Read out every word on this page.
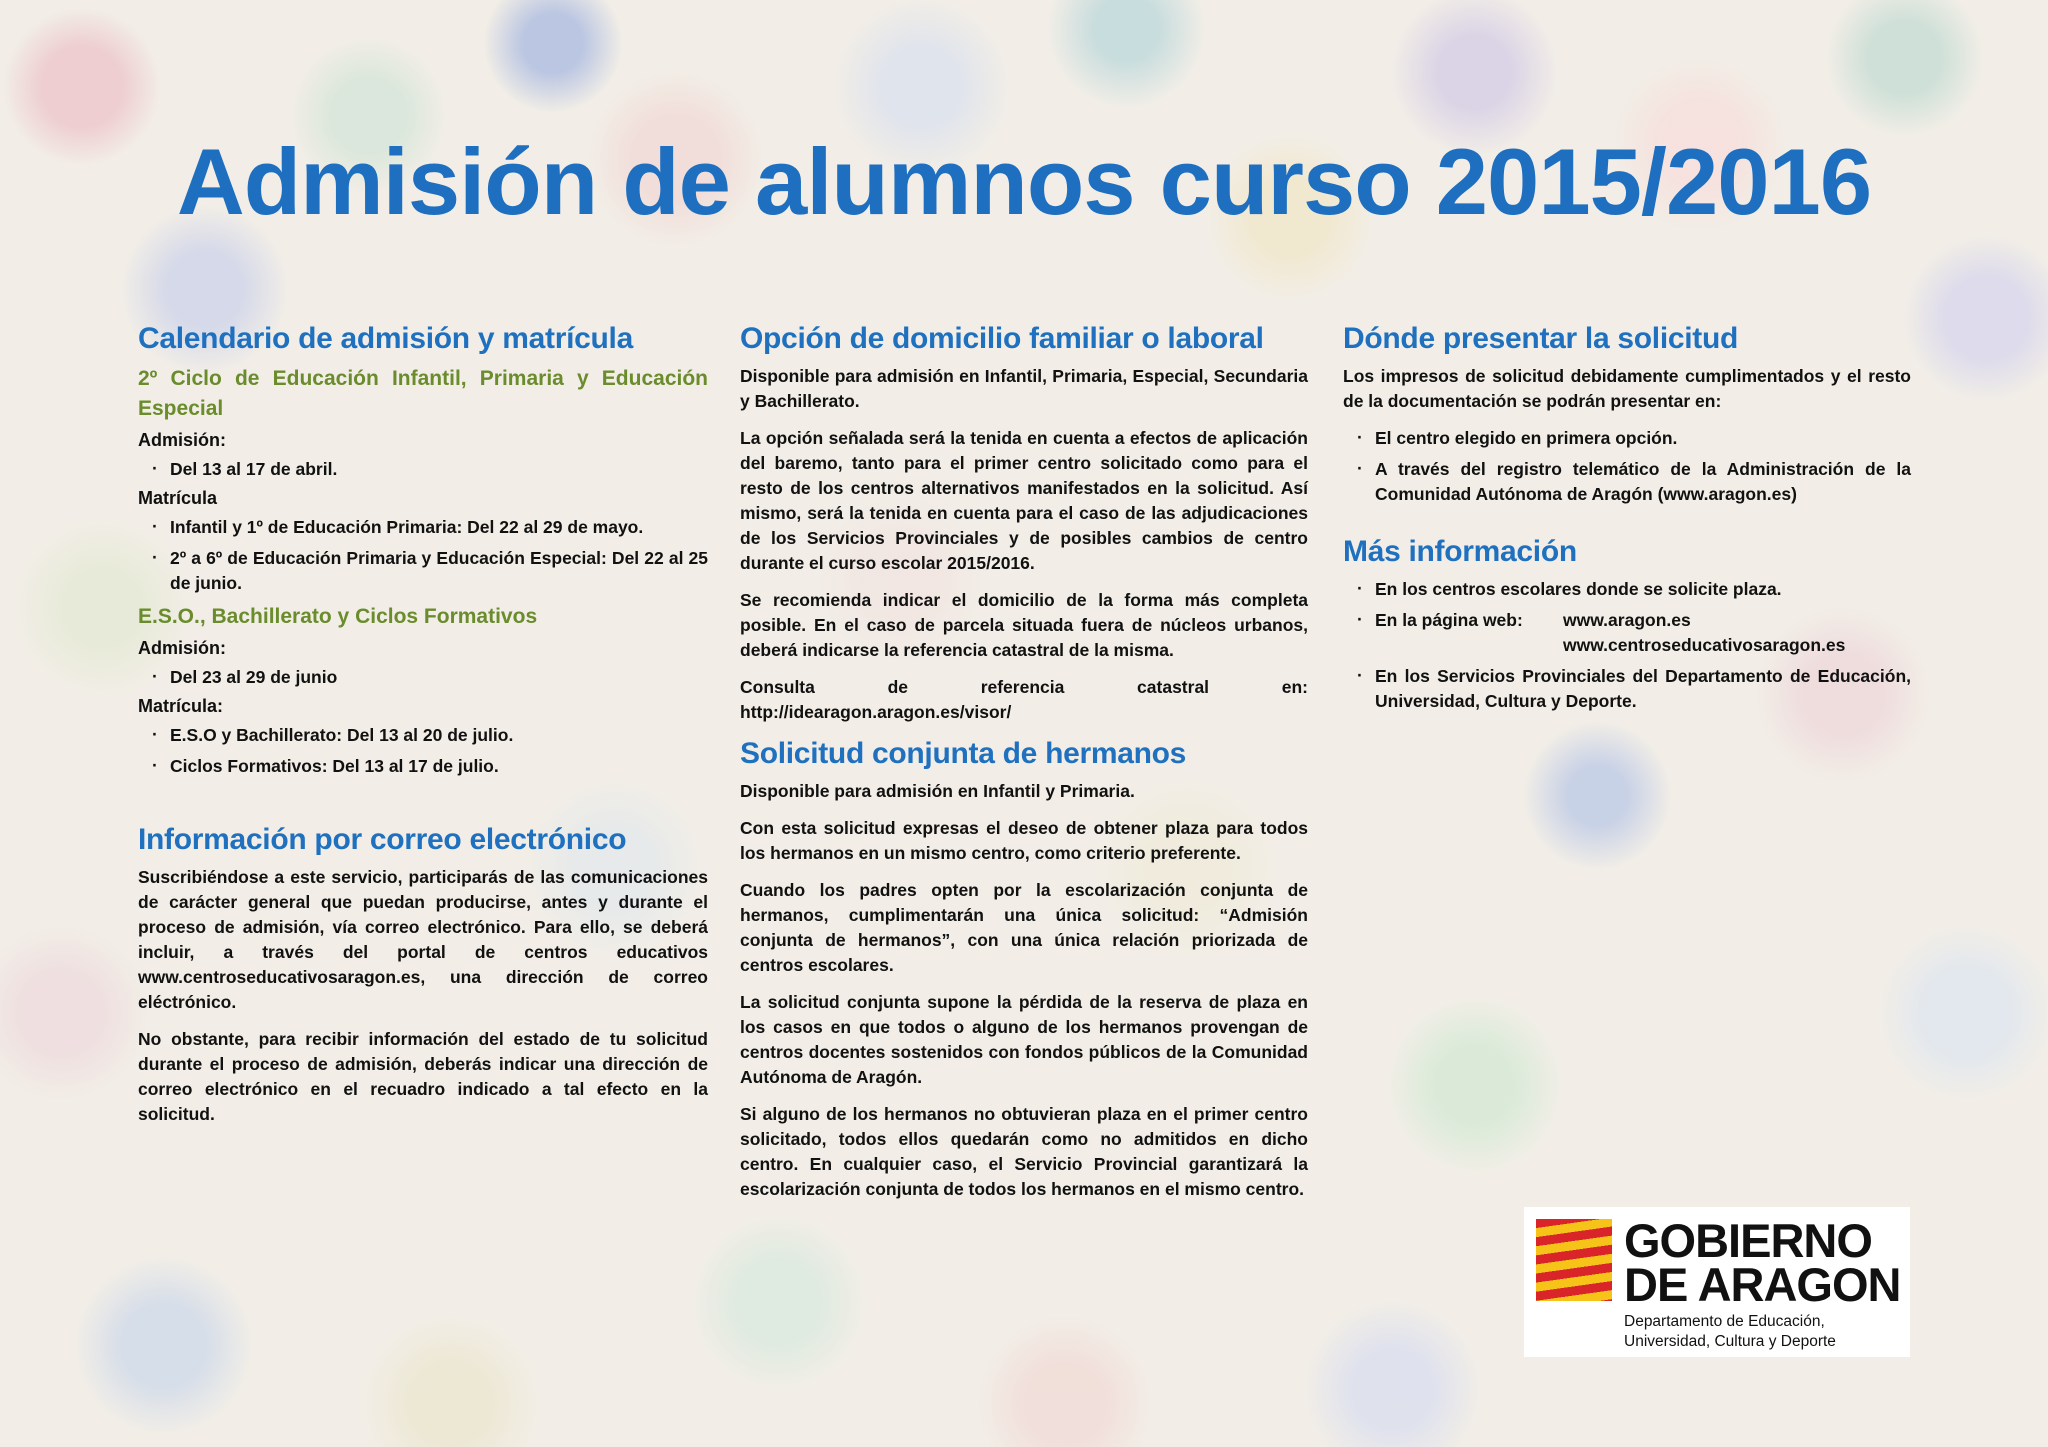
Admisión de alumnos curso 2015/2016
Calendario de admisión y matrícula
2º Ciclo de Educación Infantil, Primaria y Educación Especial
Admisión:
· Del 13 al 17 de abril.
Matrícula
· Infantil y 1º de Educación Primaria: Del 22 al 29 de mayo.
· 2º a 6º de Educación Primaria y Educación Especial: Del 22 al 25 de junio.
E.S.O., Bachillerato y Ciclos Formativos
Admisión:
· Del 23 al 29 de junio
Matrícula:
· E.S.O y Bachillerato: Del 13 al 20 de julio.
· Ciclos Formativos: Del 13 al 17 de julio.
Información por correo electrónico

Suscribiéndose a este servicio, participarás de las comunicaciones de carácter general que puedan producirse, antes y durante el proceso de admisión, vía correo electrónico. Para ello, se deberá incluir, a través del portal de centros educativos www.centroseducativosaragon.es, una dirección de correo eléctrónico.

No obstante, para recibir información del estado de tu solicitud durante el proceso de admisión, deberás indicar una dirección de correo electrónico en el recuadro indicado a tal efecto en la solicitud.

Opción de domicilio familiar o laboral

Disponible para admisión en Infantil, Primaria, Especial, Secundaria y Bachillerato.

La opción señalada será la tenida en cuenta a efectos de aplicación del baremo, tanto para el primer centro solicitado como para el resto de los centros alternativos manifestados en la solicitud. Así mismo, será la tenida en cuenta para el caso de las adjudicaciones de los Servicios Provinciales y de posibles cambios de centro durante el curso escolar 2015/2016.

Se recomienda indicar el domicilio de la forma más completa posible. En el caso de parcela situada fuera de núcleos urbanos, deberá indicarse la referencia catastral de la misma.

Consulta de referencia catastral en: http://idearagon.aragon.es/visor/

Solicitud conjunta de hermanos

Disponible para admisión en Infantil y Primaria.

Con esta solicitud expresas el deseo de obtener plaza para todos los hermanos en un mismo centro, como criterio preferente.

Cuando los padres opten por la escolarización conjunta de hermanos, cumplimentarán una única solicitud: “Admisión conjunta de hermanos”, con una única relación priorizada de centros escolares.

La solicitud conjunta supone la pérdida de la reserva de plaza en los casos en que todos o alguno de los hermanos provengan de centros docentes sostenidos con fondos públicos de la Comunidad Autónoma de Aragón.

Si alguno de los hermanos no obtuvieran plaza en el primer centro solicitado, todos ellos quedarán como no admitidos en dicho centro. En cualquier caso, el Servicio Provincial garantizará la escolarización conjunta de todos los hermanos en el mismo centro.

Dónde presentar la solicitud

Los impresos de solicitud debidamente cumplimentados y el resto de la documentación se podrán presentar en:

· El centro elegido en primera opción.
· A través del registro telemático de la Administración de la Comunidad Autónoma de Aragón (www.aragon.es)
Más información
· En los centros escolares donde se solicite plaza.
· En la página web:	www.aragon.es
www.centroseducativosaragon.es
· En los Servicios Provinciales del Departamento de Educación, Universidad, Cultura y Deporte.
GOBIERNO
DE ARAGON
Departamento de Educación,
Universidad, Cultura y Deporte
